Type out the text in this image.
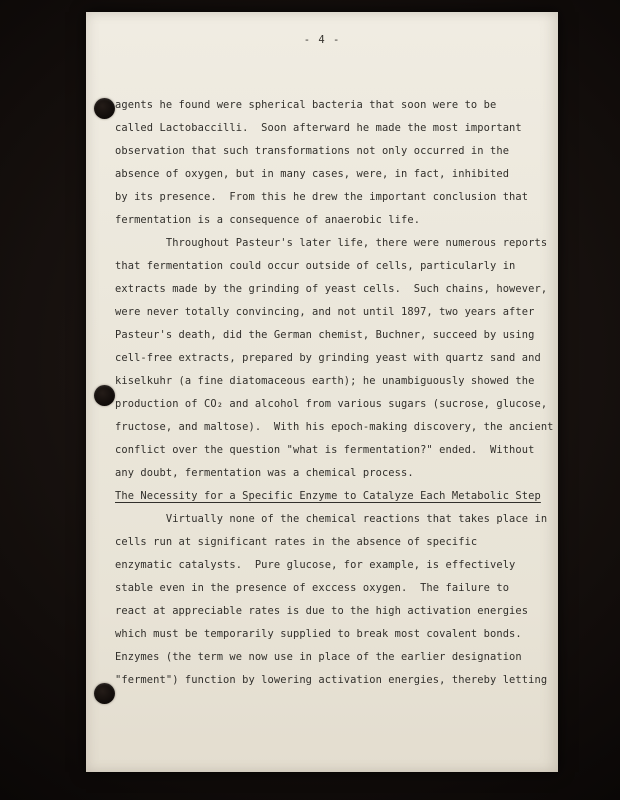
- 4 -
agents he found were spherical bacteria that soon were to be
called Lactobaccilli.  Soon afterward he made the most important
observation that such transformations not only occurred in the
absence of oxygen, but in many cases, were, in fact, inhibited
by its presence.  From this he drew the important conclusion that
fermentation is a consequence of anaerobic life.
Throughout Pasteur's later life, there were numerous reports
that fermentation could occur outside of cells, particularly in
extracts made by the grinding of yeast cells.  Such chains, however,
were never totally convincing, and not until 1897, two years after
Pasteur's death, did the German chemist, Buchner, succeed by using
cell-free extracts, prepared by grinding yeast with quartz sand and
kiselkuhr (a fine diatomaceous earth); he unambiguously showed the
production of CO₂ and alcohol from various sugars (sucrose, glucose,
fructose, and maltose).  With his epoch-making discovery, the ancient
conflict over the question "what is fermentation?" ended.  Without
any doubt, fermentation was a chemical process.
The Necessity for a Specific Enzyme to Catalyze Each Metabolic Step
Virtually none of the chemical reactions that takes place in
cells run at significant rates in the absence of specific
enzymatic catalysts.  Pure glucose, for example, is effectively
stable even in the presence of exccess oxygen.  The failure to
react at appreciable rates is due to the high activation energies
which must be temporarily supplied to break most covalent bonds.
Enzymes (the term we now use in place of the earlier designation
"ferment") function by lowering activation energies, thereby letting
